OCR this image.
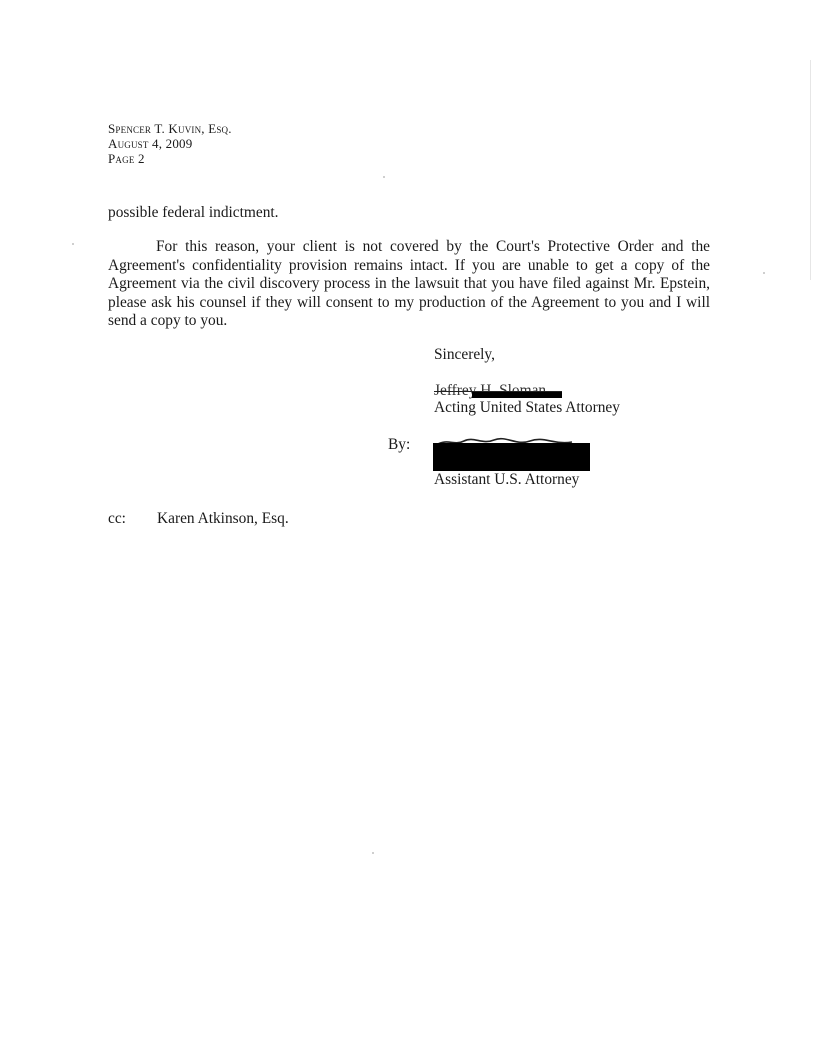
Spencer T. Kuvin, Esq.
August 4, 2009
Page 2
possible federal indictment.
For this reason, your client is not covered by the Court's Protective Order and the Agreement's confidentiality provision remains intact. If you are unable to get a copy of the Agreement via the civil discovery process in the lawsuit that you have filed against Mr. Epstein, please ask his counsel if they will consent to my production of the Agreement to you and I will send a copy to you.
Sincerely,
Acting United States Attorney
By:
Assistant U.S. Attorney
cc: Karen Atkinson, Esq.
